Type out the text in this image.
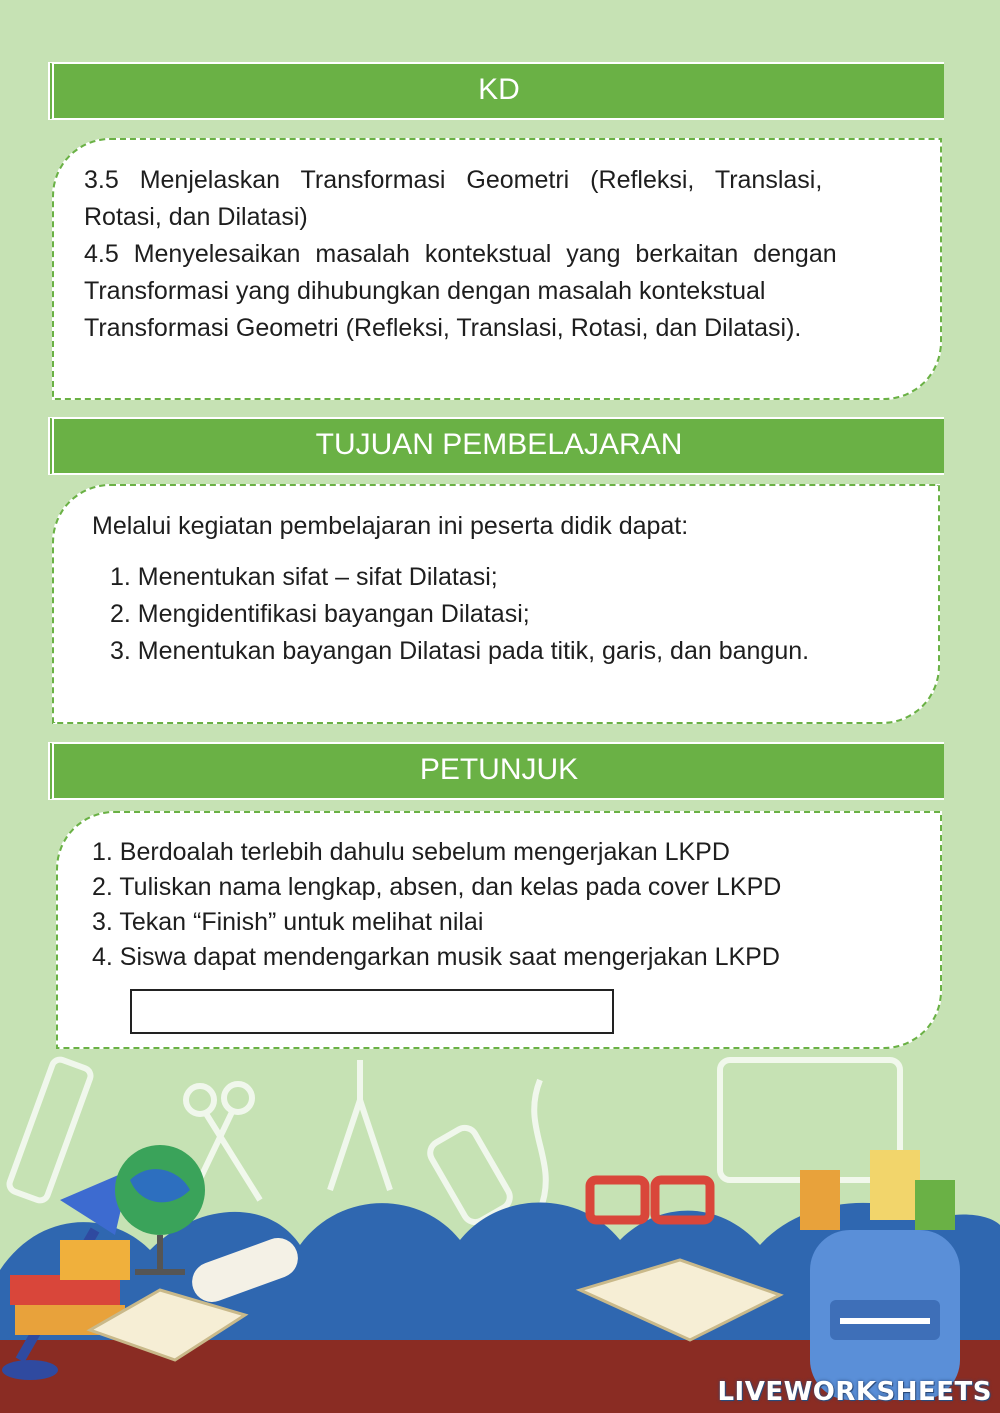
KD

3.5 Menjelaskan Transformasi Geometri (Refleksi, Translasi,

Rotasi, dan Dilatasi)

4.5 Menyelesaikan masalah kontekstual yang berkaitan dengan

Transformasi yang dihubungkan dengan masalah kontekstual

Transformasi Geometri (Refleksi, Translasi, Rotasi, dan Dilatasi).

TUJUAN PEMBELAJARAN
Melalui kegiatan pembelajaran ini peserta didik dapat:
1. Menentukan sifat – sifat Dilatasi;
2. Mengidentifikasi bayangan Dilatasi;
3. Menentukan bayangan Dilatasi pada titik, garis, dan bangun.
PETUNJUK
1. Berdoalah terlebih dahulu sebelum mengerjakan LKPD
2. Tuliskan nama lengkap, absen, dan kelas pada cover LKPD
3. Tekan “Finish” untuk melihat nilai
4. Siswa dapat mendengarkan musik saat mengerjakan LKPD
LIVEWORKSHEETS
